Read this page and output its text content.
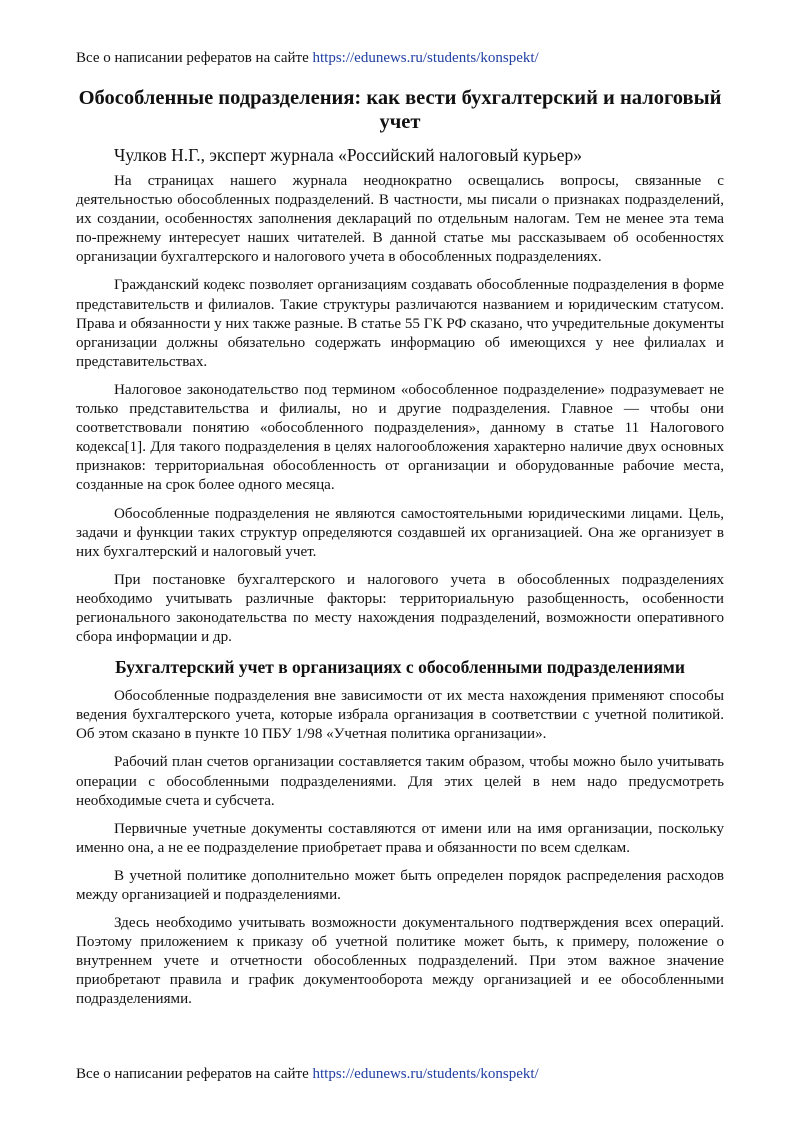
Все о написании рефератов на сайте https://edunews.ru/students/konspekt/
Обособленные подразделения: как вести бухгалтерский и налоговый учет

Чулков Н.Г., эксперт журнала «Российский налоговый курьер»

На страницах нашего журнала неоднократно освещались вопросы, связанные с деятельностью обособленных подразделений. В частности, мы писали о признаках подразделений, их создании, особенностях заполнения деклараций по отдельным налогам. Тем не менее эта тема по-прежнему интересует наших читателей. В данной статье мы рассказываем об особенностях организации бухгалтерского и налогового учета в обособленных подразделениях.

Гражданский кодекс позволяет организациям создавать обособленные подразделения в форме представительств и филиалов. Такие структуры различаются названием и юридическим статусом. Права и обязанности у них также разные. В статье 55 ГК РФ сказано, что учредительные документы организации должны обязательно содержать информацию об имеющихся у нее филиалах и представительствах.

Налоговое законодательство под термином «обособленное подразделение» подразумевает не только представительства и филиалы, но и другие подразделения. Главное — чтобы они соответствовали понятию «обособленного подразделения», данному в статье 11 Налогового кодекса[1]. Для такого подразделения в целях налогообложения характерно наличие двух основных признаков: территориальная обособленность от организации и оборудованные рабочие места, созданные на срок более одного месяца.

Обособленные подразделения не являются самостоятельными юридическими лицами. Цель, задачи и функции таких структур определяются создавшей их организацией. Она же организует в них бухгалтерский и налоговый учет.

При постановке бухгалтерского и налогового учета в обособленных подразделениях необходимо учитывать различные факторы: территориальную разобщенность, особенности регионального законодательства по месту нахождения подразделений, возможности оперативного сбора информации и др.

Бухгалтерский учет в организациях с обособленными подразделениями

Обособленные подразделения вне зависимости от их места нахождения применяют способы ведения бухгалтерского учета, которые избрала организация в соответствии с учетной политикой. Об этом сказано в пункте 10 ПБУ 1/98 «Учетная политика организации».

Рабочий план счетов организации составляется таким образом, чтобы можно было учитывать операции с обособленными подразделениями. Для этих целей в нем надо предусмотреть необходимые счета и субсчета.

Первичные учетные документы составляются от имени или на имя организации, поскольку именно она, а не ее подразделение приобретает права и обязанности по всем сделкам.

В учетной политике дополнительно может быть определен порядок распределения расходов между организацией и подразделениями.

Здесь необходимо учитывать возможности документального подтверждения всех операций. Поэтому приложением к приказу об учетной политике может быть, к примеру, положение о внутреннем учете и отчетности обособленных подразделений. При этом важное значение приобретают правила и график документооборота между организацией и ее обособленными подразделениями.

Все о написании рефератов на сайте https://edunews.ru/students/konspekt/
